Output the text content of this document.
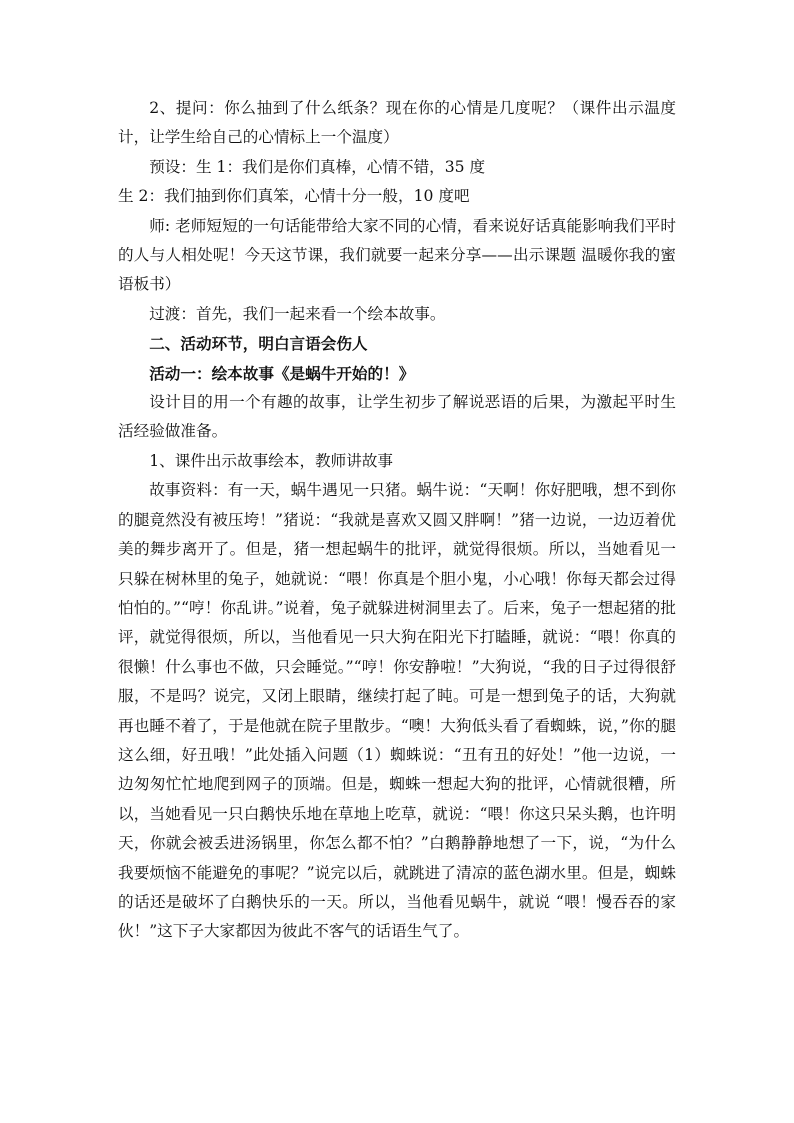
2、提问：你么抽到了什么纸条？现在你的心情是几度呢？（课件出示温度计，让学生给自己的心情标上一个温度）

预设：生 1：我们是你们真棒，心情不错，35 度

生 2：我们抽到你们真笨，心情十分一般，10 度吧

师: 老师短短的一句话能带给大家不同的心情，看来说好话真能影响我们平时的人与人相处呢！今天这节课，我们就要一起来分享——出示课题 温暖你我的蜜语板书）

过渡：首先，我们一起来看一个绘本故事。

二、活动环节，明白言语会伤人

活动一：绘本故事《是蜗牛开始的！》

设计目的用一个有趣的故事，让学生初步了解说恶语的后果，为激起平时生活经验做准备。

1、课件出示故事绘本，教师讲故事

故事资料：有一天，蜗牛遇见一只猪。蜗牛说：“天啊！你好肥哦，想不到你的腿竟然没有被压垮！”猪说：“我就是喜欢又圆又胖啊！”猪一边说，一边迈着优美的舞步离开了。但是，猪一想起蜗牛的批评，就觉得很烦。所以，当她看见一只躲在树林里的兔子，她就说：“喂！你真是个胆小鬼，小心哦！你每天都会过得怕怕的。”“哼！你乱讲。”说着，兔子就躲进树洞里去了。后来，兔子一想起猪的批评，就觉得很烦，所以，当他看见一只大狗在阳光下打瞌睡，就说：“喂！你真的很懒！什么事也不做，只会睡觉。”“哼！你安静啦！”大狗说，“我的日子过得很舒服，不是吗？说完，又闭上眼睛，继续打起了盹。可是一想到兔子的话，大狗就再也睡不着了，于是他就在院子里散步。“噢！大狗低头看了看蜘蛛，说，”你的腿这么细，好丑哦！”此处插入问题（1）蜘蛛说：“丑有丑的好处！”他一边说，一边匆匆忙忙地爬到网子的顶端。但是，蜘蛛一想起大狗的批评，心情就很糟，所以，当她看见一只白鹅快乐地在草地上吃草，就说：“喂！你这只呆头鹅，也许明天，你就会被丢进汤锅里，你怎么都不怕？”白鹅静静地想了一下，说，“为什么我要烦恼不能避免的事呢？”说完以后，就跳进了清凉的蓝色湖水里。但是，蜘蛛的话还是破坏了白鹅快乐的一天。所以，当他看见蜗牛，就说 “喂！慢吞吞的家伙！”这下子大家都因为彼此不客气的话语生气了。
